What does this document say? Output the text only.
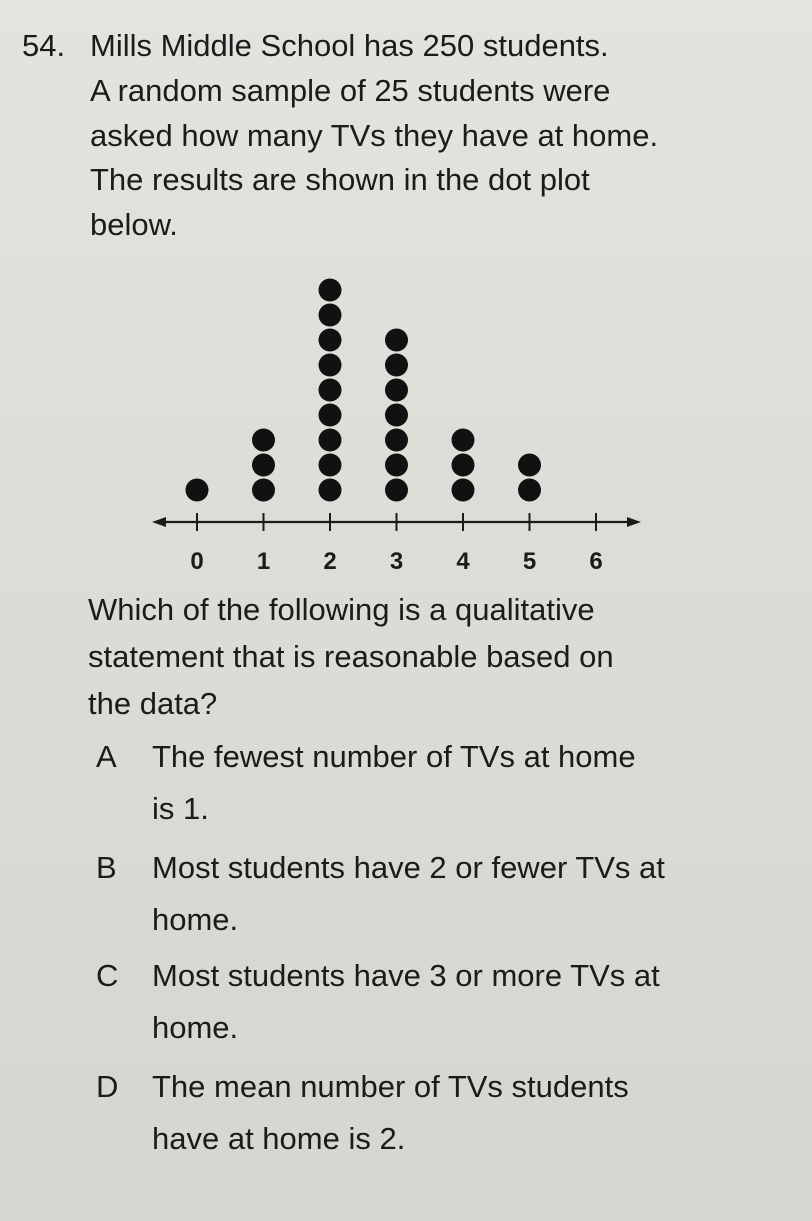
54. Mills Middle School has 250 students.
A random sample of 25 students were
asked how many TVs they have at home.
The results are shown in the dot plot
below.
0 1 2 3 4 5 6
Which of the following is a qualitative
statement that is reasonable based on
the data?
A The fewest number of TVs at home
is 1.
B Most students have 2 or fewer TVs at
home.
C Most students have 3 or more TVs at
home.
D The mean number of TVs students
have at home is 2.
